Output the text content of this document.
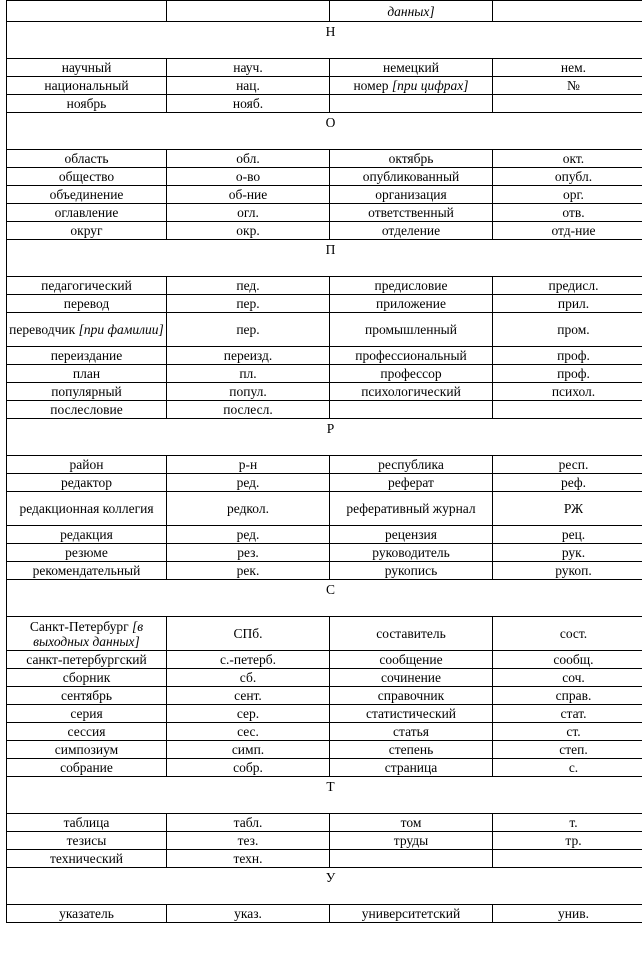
		данных]	
Н			
научный	науч.	немецкий	нем.
национальный	нац.	номер [при цифрах]	№
ноябрь	нояб.		
О			
область	обл.	октябрь	окт.
общество	о-во	опубликованный	опубл.
объединение	об-ние	организация	орг.
оглавление	огл.	ответственный	отв.
округ	окр.	отделение	отд-ние
П			
педагогический	пед.	предисловие	предисл.
перевод	пер.	приложение	прил.
переводчик [при фамилии]	пер.	промышленный	пром.
переиздание	переизд.	профессиональный	проф.
план	пл.	профессор	проф.
популярный	попул.	психологический	психол.
послесловие	послесл.		
Р			
район	р-н	республика	респ.
редактор	ред.	реферат	реф.
редакционная коллегия	редкол.	реферативный журнал	РЖ
редакция	ред.	рецензия	рец.
резюме	рез.	руководитель	рук.
рекомендательный	рек.	рукопись	рукоп.
С			
Санкт-Петербург [в выходных данных]	СПб.	составитель	сост.
санкт-петербургский	с.-петерб.	сообщение	сообщ.
сборник	сб.	сочинение	соч.
сентябрь	сент.	справочник	справ.
серия	сер.	статистический	стат.
сессия	сес.	статья	ст.
симпозиум	симп.	степень	степ.
собрание	собр.	страница	с.
Т			
таблица	табл.	том	т.
тезисы	тез.	труды	тр.
технический	техн.		
У			
указатель	указ.	университетский	унив.
